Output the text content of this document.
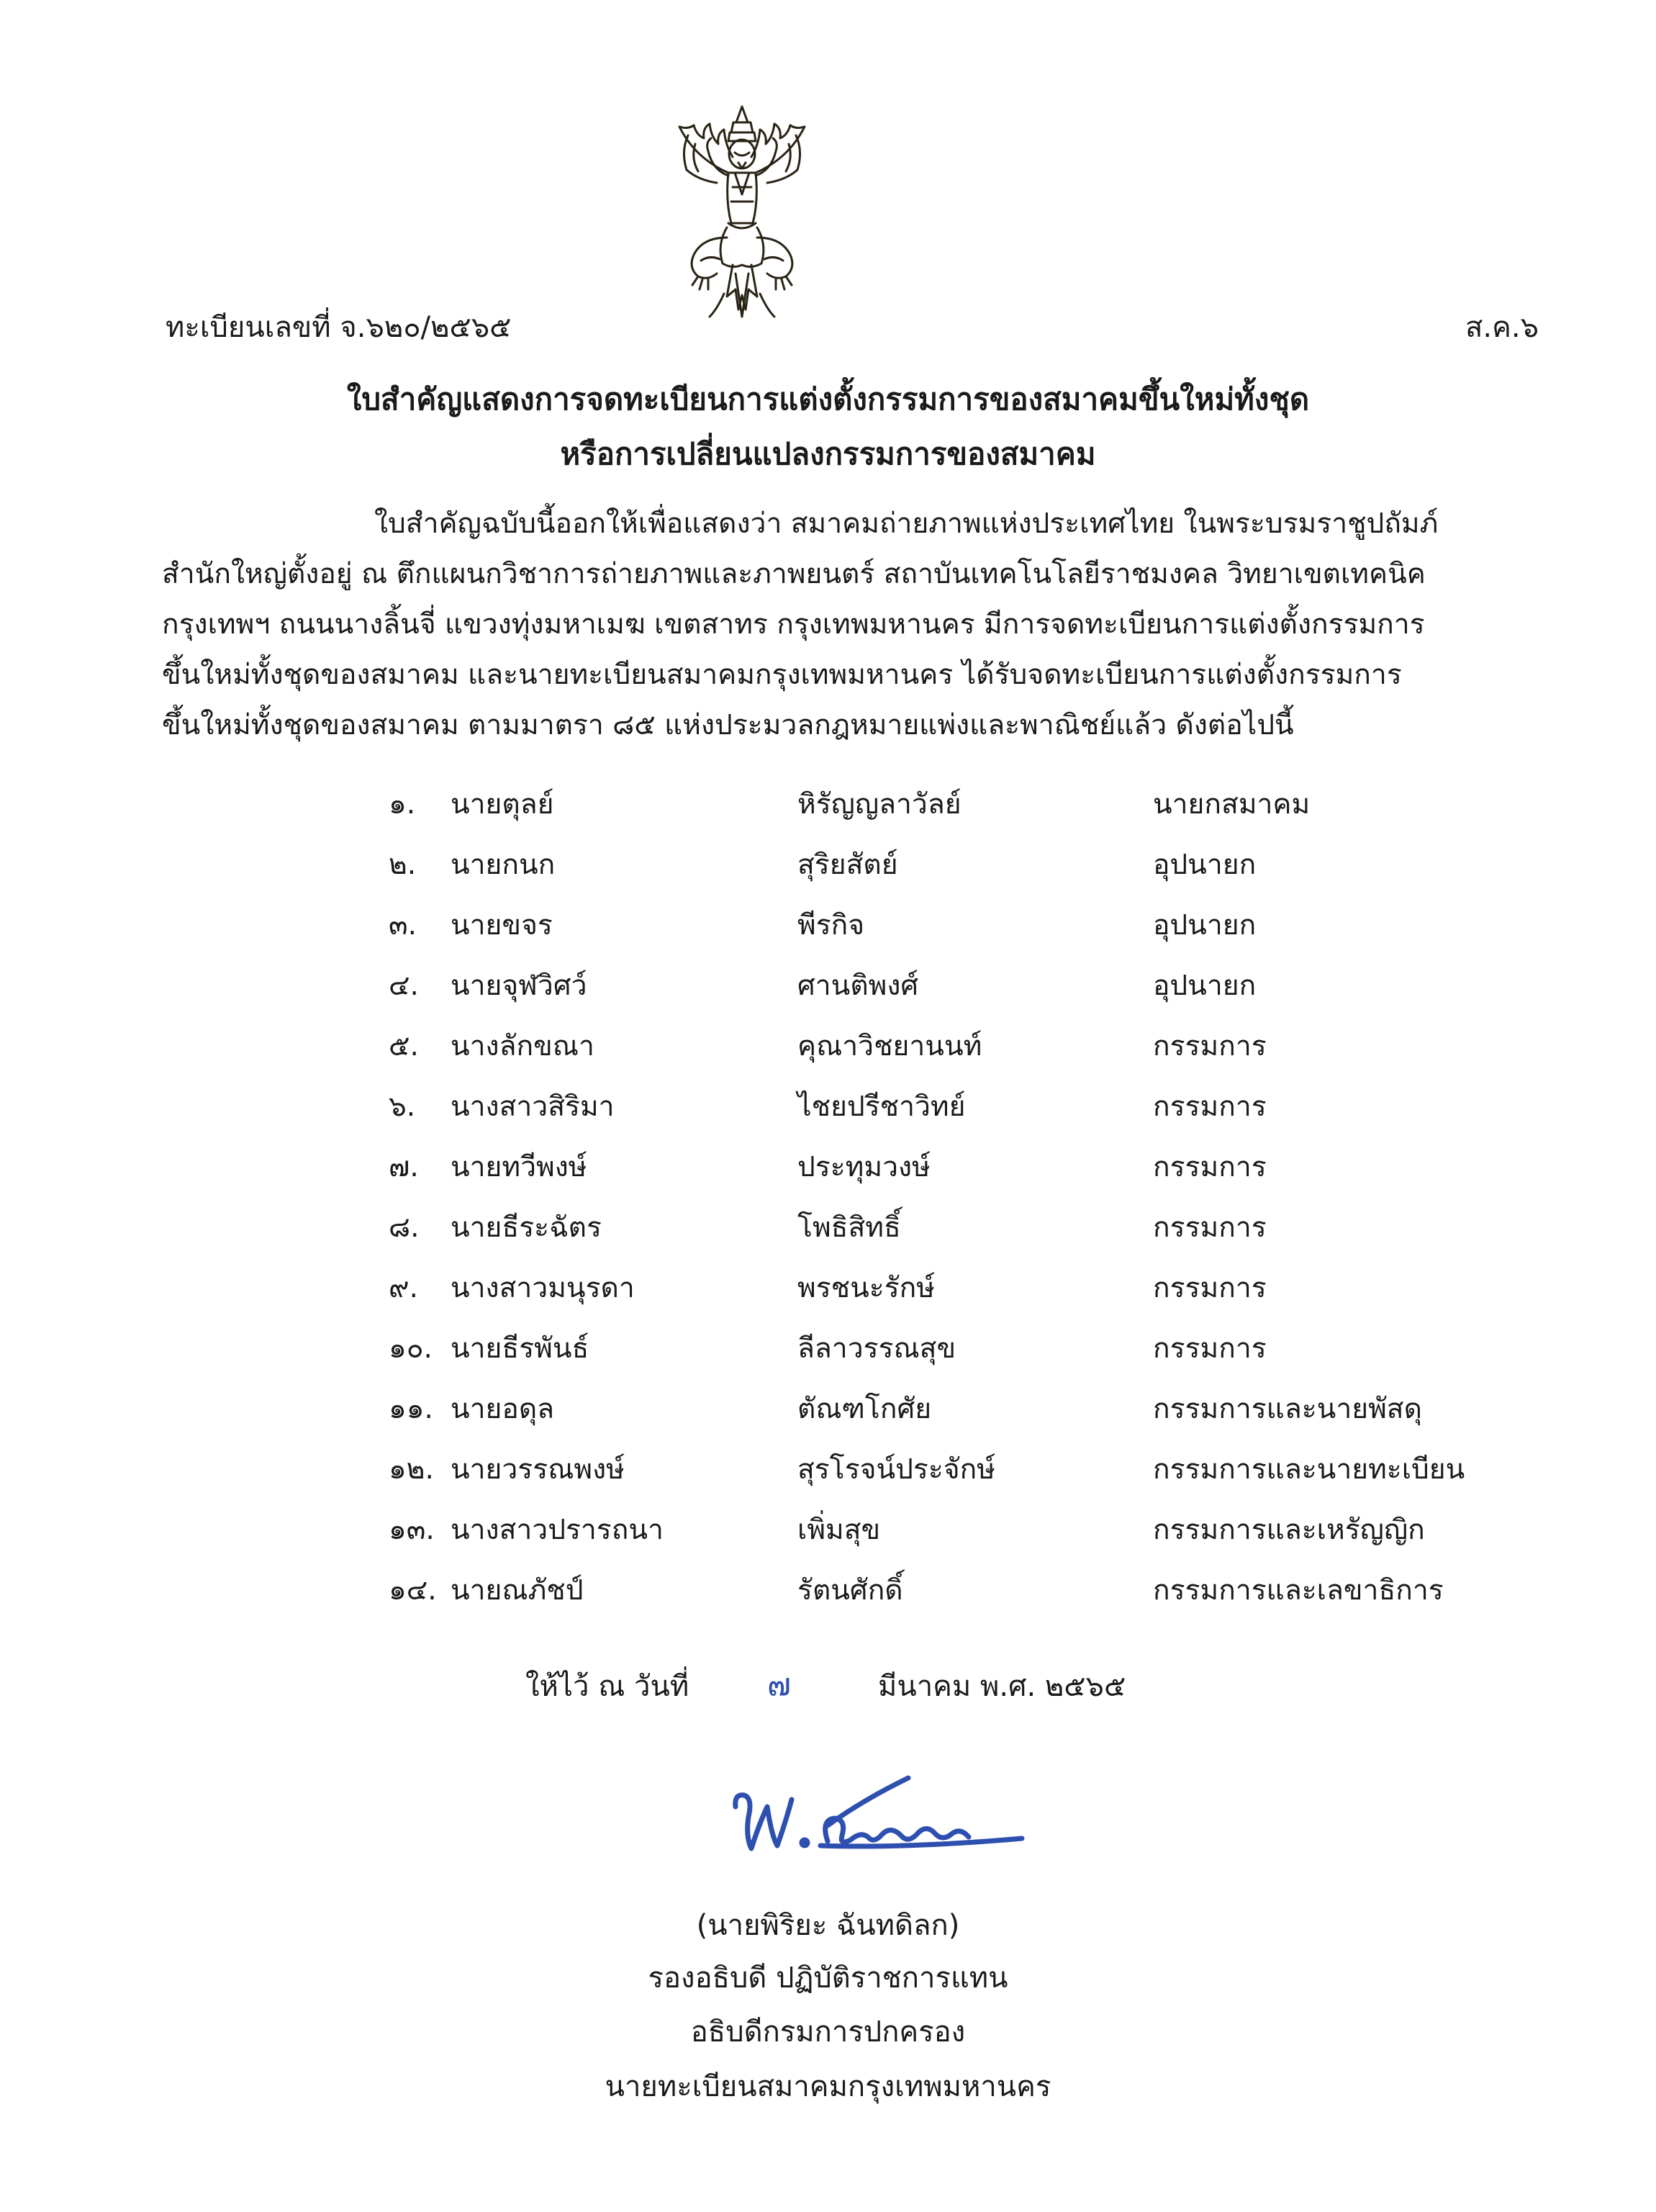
ทะเบียนเลขที่ จ.๖๒๐/๒๕๖๕	ส.ค.๖
ใบสำคัญแสดงการจดทะเบียนการแต่งตั้งกรรมการของสมาคมขึ้นใหม่ทั้งชุด
หรือการเปลี่ยนแปลงกรรมการของสมาคม
ใบสำคัญฉบับนี้ออกให้เพื่อแสดงว่า สมาคมถ่ายภาพแห่งประเทศไทย ในพระบรมราชูปถัมภ์
สำนักใหญ่ตั้งอยู่ ณ ตึกแผนกวิชาการถ่ายภาพและภาพยนตร์ สถาบันเทคโนโลยีราชมงคล วิทยาเขตเทคนิค
กรุงเทพฯ ถนนนางลิ้นจี่ แขวงทุ่งมหาเมฆ เขตสาทร กรุงเทพมหานคร มีการจดทะเบียนการแต่งตั้งกรรมการ
ขึ้นใหม่ทั้งชุดของสมาคม และนายทะเบียนสมาคมกรุงเทพมหานคร ได้รับจดทะเบียนการแต่งตั้งกรรมการ
ขึ้นใหม่ทั้งชุดของสมาคม ตามมาตรา ๘๕ แห่งประมวลกฎหมายแพ่งและพาณิชย์แล้ว ดังต่อไปนี้
๑. นายตุลย์	หิรัญญลาวัลย์	นายกสมาคม
๒. นายกนก	สุริยสัตย์	อุปนายก
๓. นายขจร	พีรกิจ	อุปนายก
๔. นายจุฬวิศว์	ศานติพงศ์	อุปนายก
๕. นางลักขณา	คุณาวิชยานนท์	กรรมการ
๖. นางสาวสิริมา	ไชยปรีชาวิทย์	กรรมการ
๗. นายทวีพงษ์	ประทุมวงษ์	กรรมการ
๘. นายธีระฉัตร	โพธิสิทธิ์	กรรมการ
๙. นางสาวมนุรดา	พรชนะรักษ์	กรรมการ
๑๐. นายธีรพันธ์	ลีลาวรรณสุข	กรรมการ
๑๑. นายอดุล	ตัณฑโกศัย	กรรมการและนายพัสดุ
๑๒. นายวรรณพงษ์	สุรโรจน์ประจักษ์	กรรมการและนายทะเบียน
๑๓. นางสาวปรารถนา	เพิ่มสุข	กรรมการและเหรัญญิก
๑๔. นายณภัชป์	รัตนศักดิ์	กรรมการและเลขาธิการ
ให้ไว้ ณ วันที่ ๗	มีนาคม พ.ศ. ๒๕๖๕
(นายพิริยะ ฉันทดิลก)
รองอธิบดี ปฏิบัติราชการแทน
อธิบดีกรมการปกครอง
นายทะเบียนสมาคมกรุงเทพมหานคร
